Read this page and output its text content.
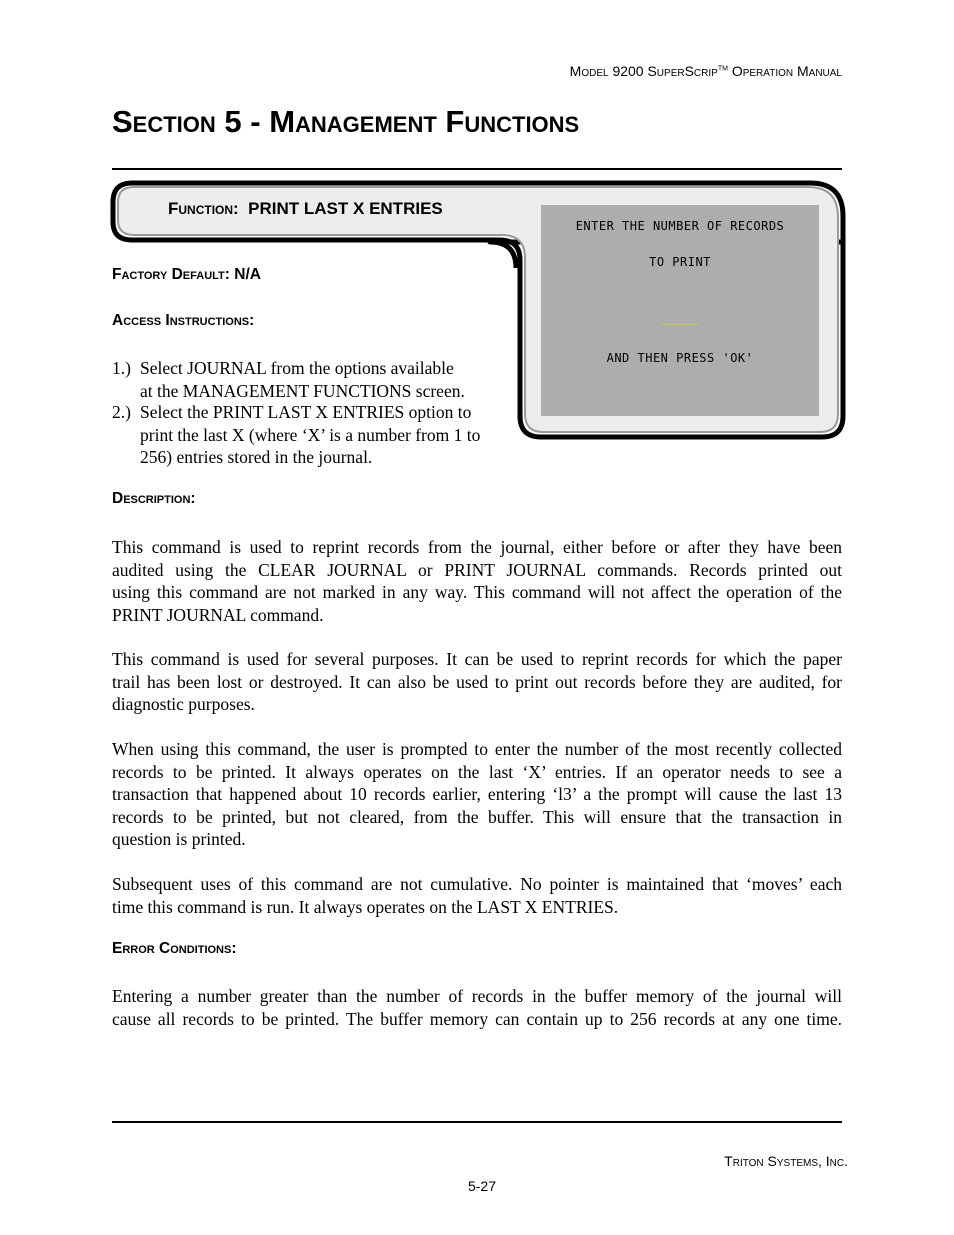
Model 9200 SuperScrip™ Operation Manual
Section 5 - Management Functions
Function: PRINT LAST X ENTRIES
ENTER THE NUMBER OF RECORDS
TO PRINT
_____
AND THEN PRESS 'OK'
Factory Default: N/A
Access Instructions:
1.) Select JOURNAL from the options available
at the MANAGEMENT FUNCTIONS screen.
2.) Select the PRINT LAST X ENTRIES option to
print the last X (where ‘X’ is a number from 1 to
256) entries stored in the journal.
Description:
This command is used to reprint records from the journal, either before or after they have been
audited using the CLEAR JOURNAL or PRINT JOURNAL commands. Records printed out
using this command are not marked in any way. This command will not affect the operation of the
PRINT JOURNAL command.
This command is used for several purposes. It can be used to reprint records for which the paper
trail has been lost or destroyed. It can also be used to print out records before they are audited, for
diagnostic purposes.
When using this command, the user is prompted to enter the number of the most recently collected
records to be printed. It always operates on the last ‘X’ entries. If an operator needs to see a
transaction that happened about 10 records earlier, entering ‘l3’ a the prompt will cause the last 13
records to be printed, but not cleared, from the buffer. This will ensure that the transaction in
question is printed.
Subsequent uses of this command are not cumulative. No pointer is maintained that ‘moves’ each
time this command is run. It always operates on the LAST X ENTRIES.
Error Conditions:
Entering a number greater than the number of records in the buffer memory of the journal will
cause all records to be printed. The buffer memory can contain up to 256 records at any one time.
Triton Systems, Inc.
5-27
